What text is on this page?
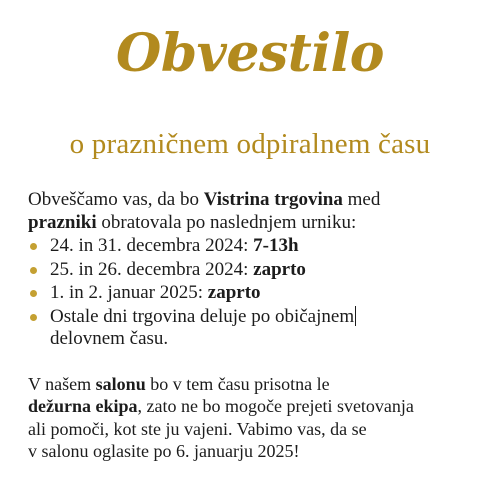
Obvestilo
o prazničnem odpiralnem času

Obveščamo vas, da bo Vistrina trgovina med
prazniki obratovala po naslednjem urniku:

24. in 31. decembra 2024: 7-13h
25. in 26. decembra 2024: zaprto
1. in 2. januar 2025: zaprto
Ostale dni trgovina deluje po običajnem
delovnem času.

V našem salonu bo v tem času prisotna le
dežurna ekipa, zato ne bo mogoče prejeti svetovanja
ali pomoči, kot ste ju vajeni. Vabimo vas, da se
v salonu oglasite po 6. januarju 2025!
